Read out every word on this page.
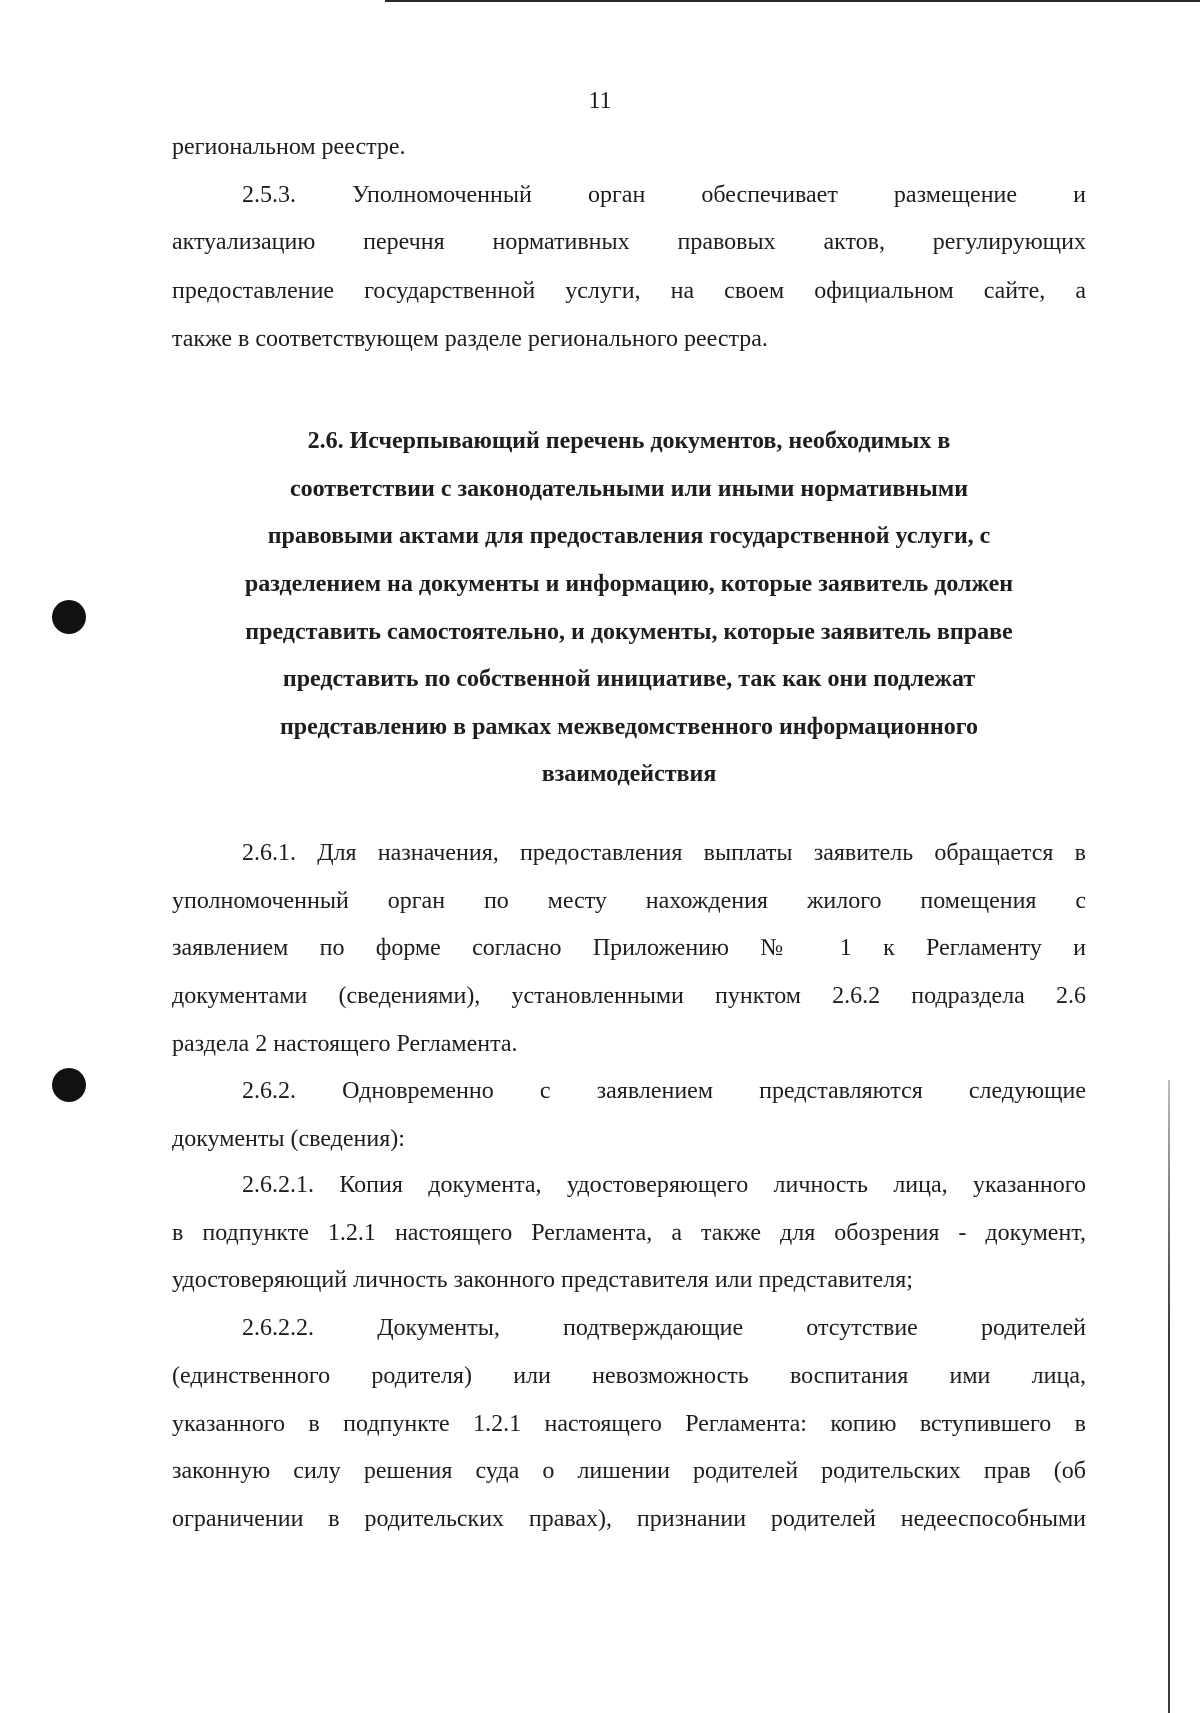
11
региональном реестре.
2.5.3. Уполномоченный орган обеспечивает размещение и
актуализацию перечня нормативных правовых актов, регулирующих
предоставление государственной услуги, на своем официальном сайте, а
также в соответствующем разделе регионального реестра.
2.6. Исчерпывающий перечень документов, необходимых в
соответствии с законодательными или иными нормативными
правовыми актами для предоставления государственной услуги, с
разделением на документы и информацию, которые заявитель должен
представить самостоятельно, и документы, которые заявитель вправе
представить по собственной инициативе, так как они подлежат
представлению в рамках межведомственного информационного
взаимодействия
2.6.1. Для назначения, предоставления выплаты заявитель обращается в
уполномоченный орган по месту нахождения жилого помещения с
заявлением по форме согласно Приложению № 1 к Регламенту и
документами (сведениями), установленными пунктом 2.6.2 подраздела 2.6
раздела 2 настоящего Регламента.
2.6.2. Одновременно с заявлением представляются следующие
документы (сведения):
2.6.2.1. Копия документа, удостоверяющего личность лица, указанного
в подпункте 1.2.1 настоящего Регламента, а также для обозрения - документ,
удостоверяющий личность законного представителя или представителя;
2.6.2.2. Документы, подтверждающие отсутствие родителей
(единственного родителя) или невозможность воспитания ими лица,
указанного в подпункте 1.2.1 настоящего Регламента: копию вступившего в
законную силу решения суда о лишении родителей родительских прав (об
ограничении в родительских правах), признании родителей недееспособными
